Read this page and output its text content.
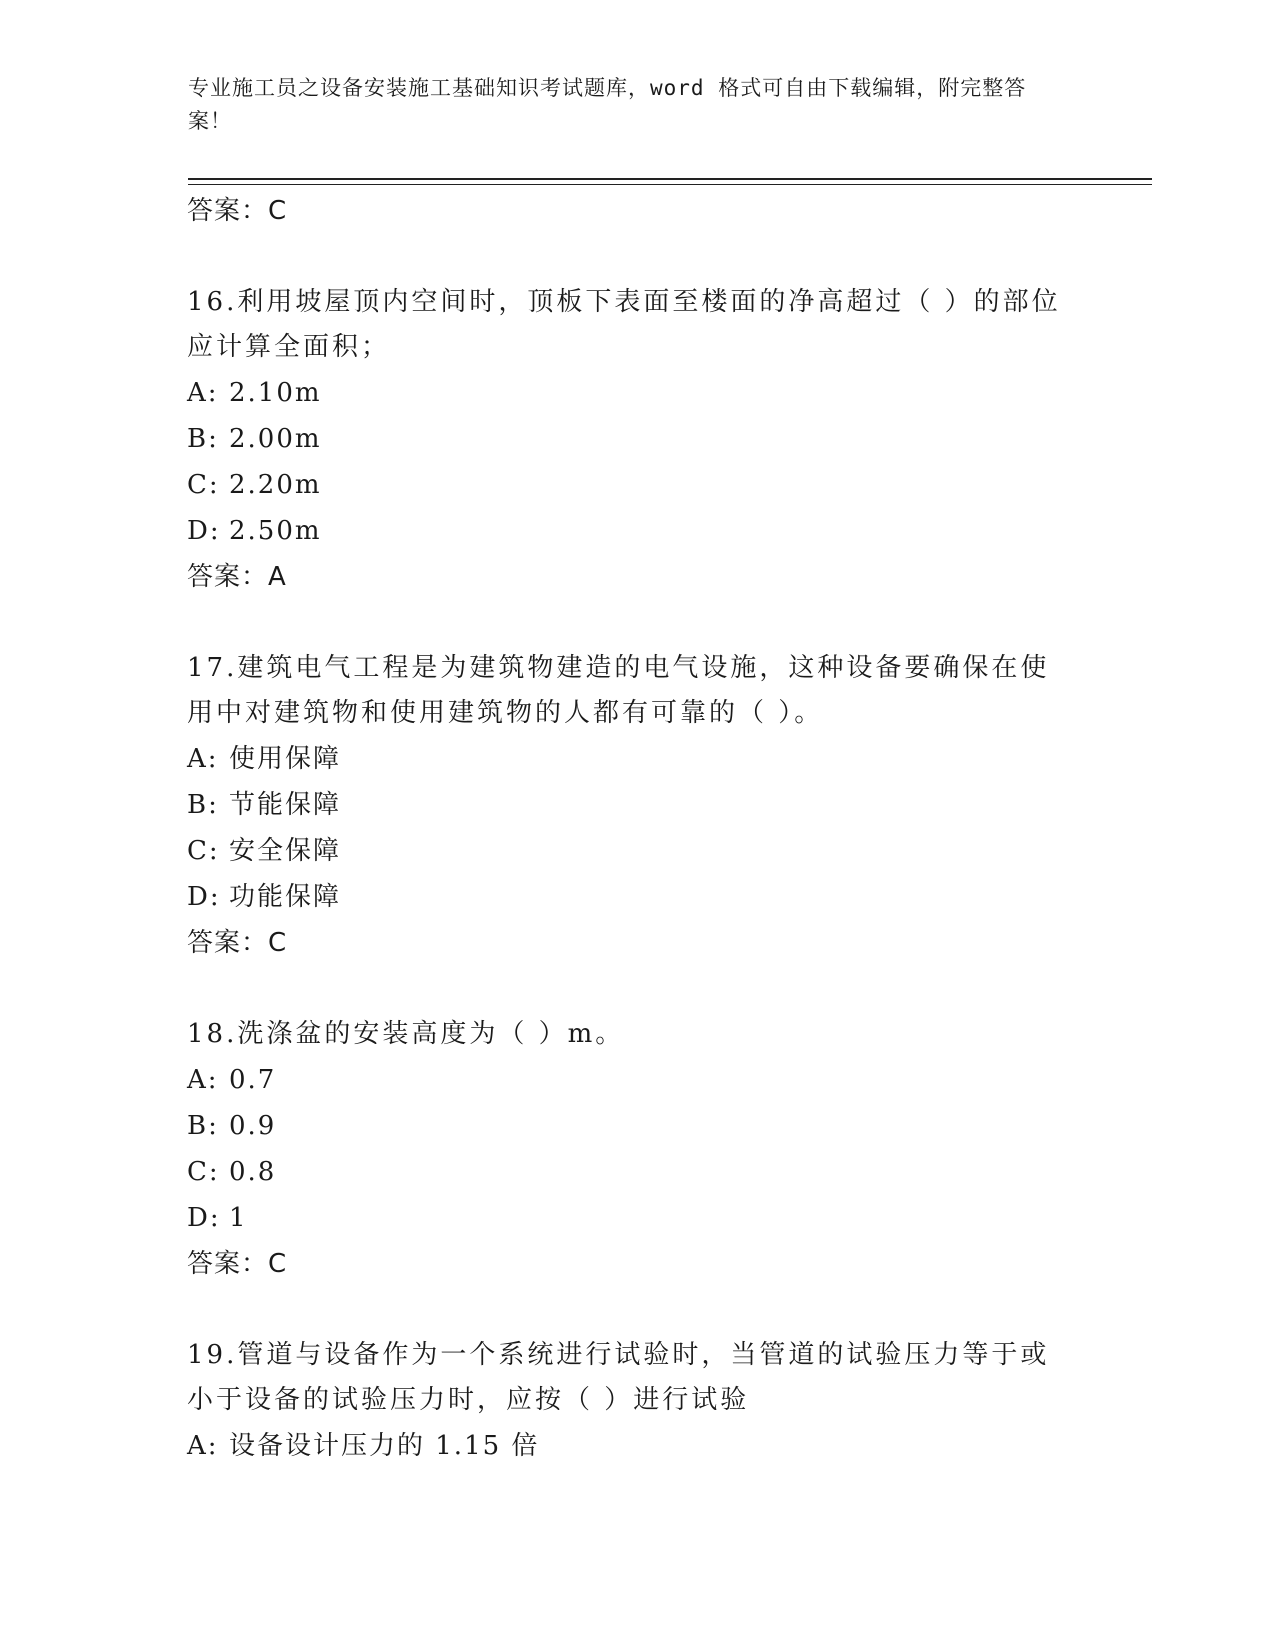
专业施工员之设备安装施工基础知识考试题库，word 格式可自由下载编辑，附完整答案！
答案：C
16.利用坡屋顶内空间时，顶板下表面至楼面的净高超过（ ）的部位应计算全面积；
A: 2.10m
B: 2.00m
C: 2.20m
D: 2.50m
答案：A
17.建筑电气工程是为建筑物建造的电气设施，这种设备要确保在使用中对建筑物和使用建筑物的人都有可靠的（ ）。
A: 使用保障
B: 节能保障
C: 安全保障
D: 功能保障
答案：C
18.洗涤盆的安装高度为（ ）m。
A: 0.7
B: 0.9
C: 0.8
D: 1
答案：C
19.管道与设备作为一个系统进行试验时，当管道的试验压力等于或小于设备的试验压力时，应按（ ）进行试验
A: 设备设计压力的 1.15 倍
